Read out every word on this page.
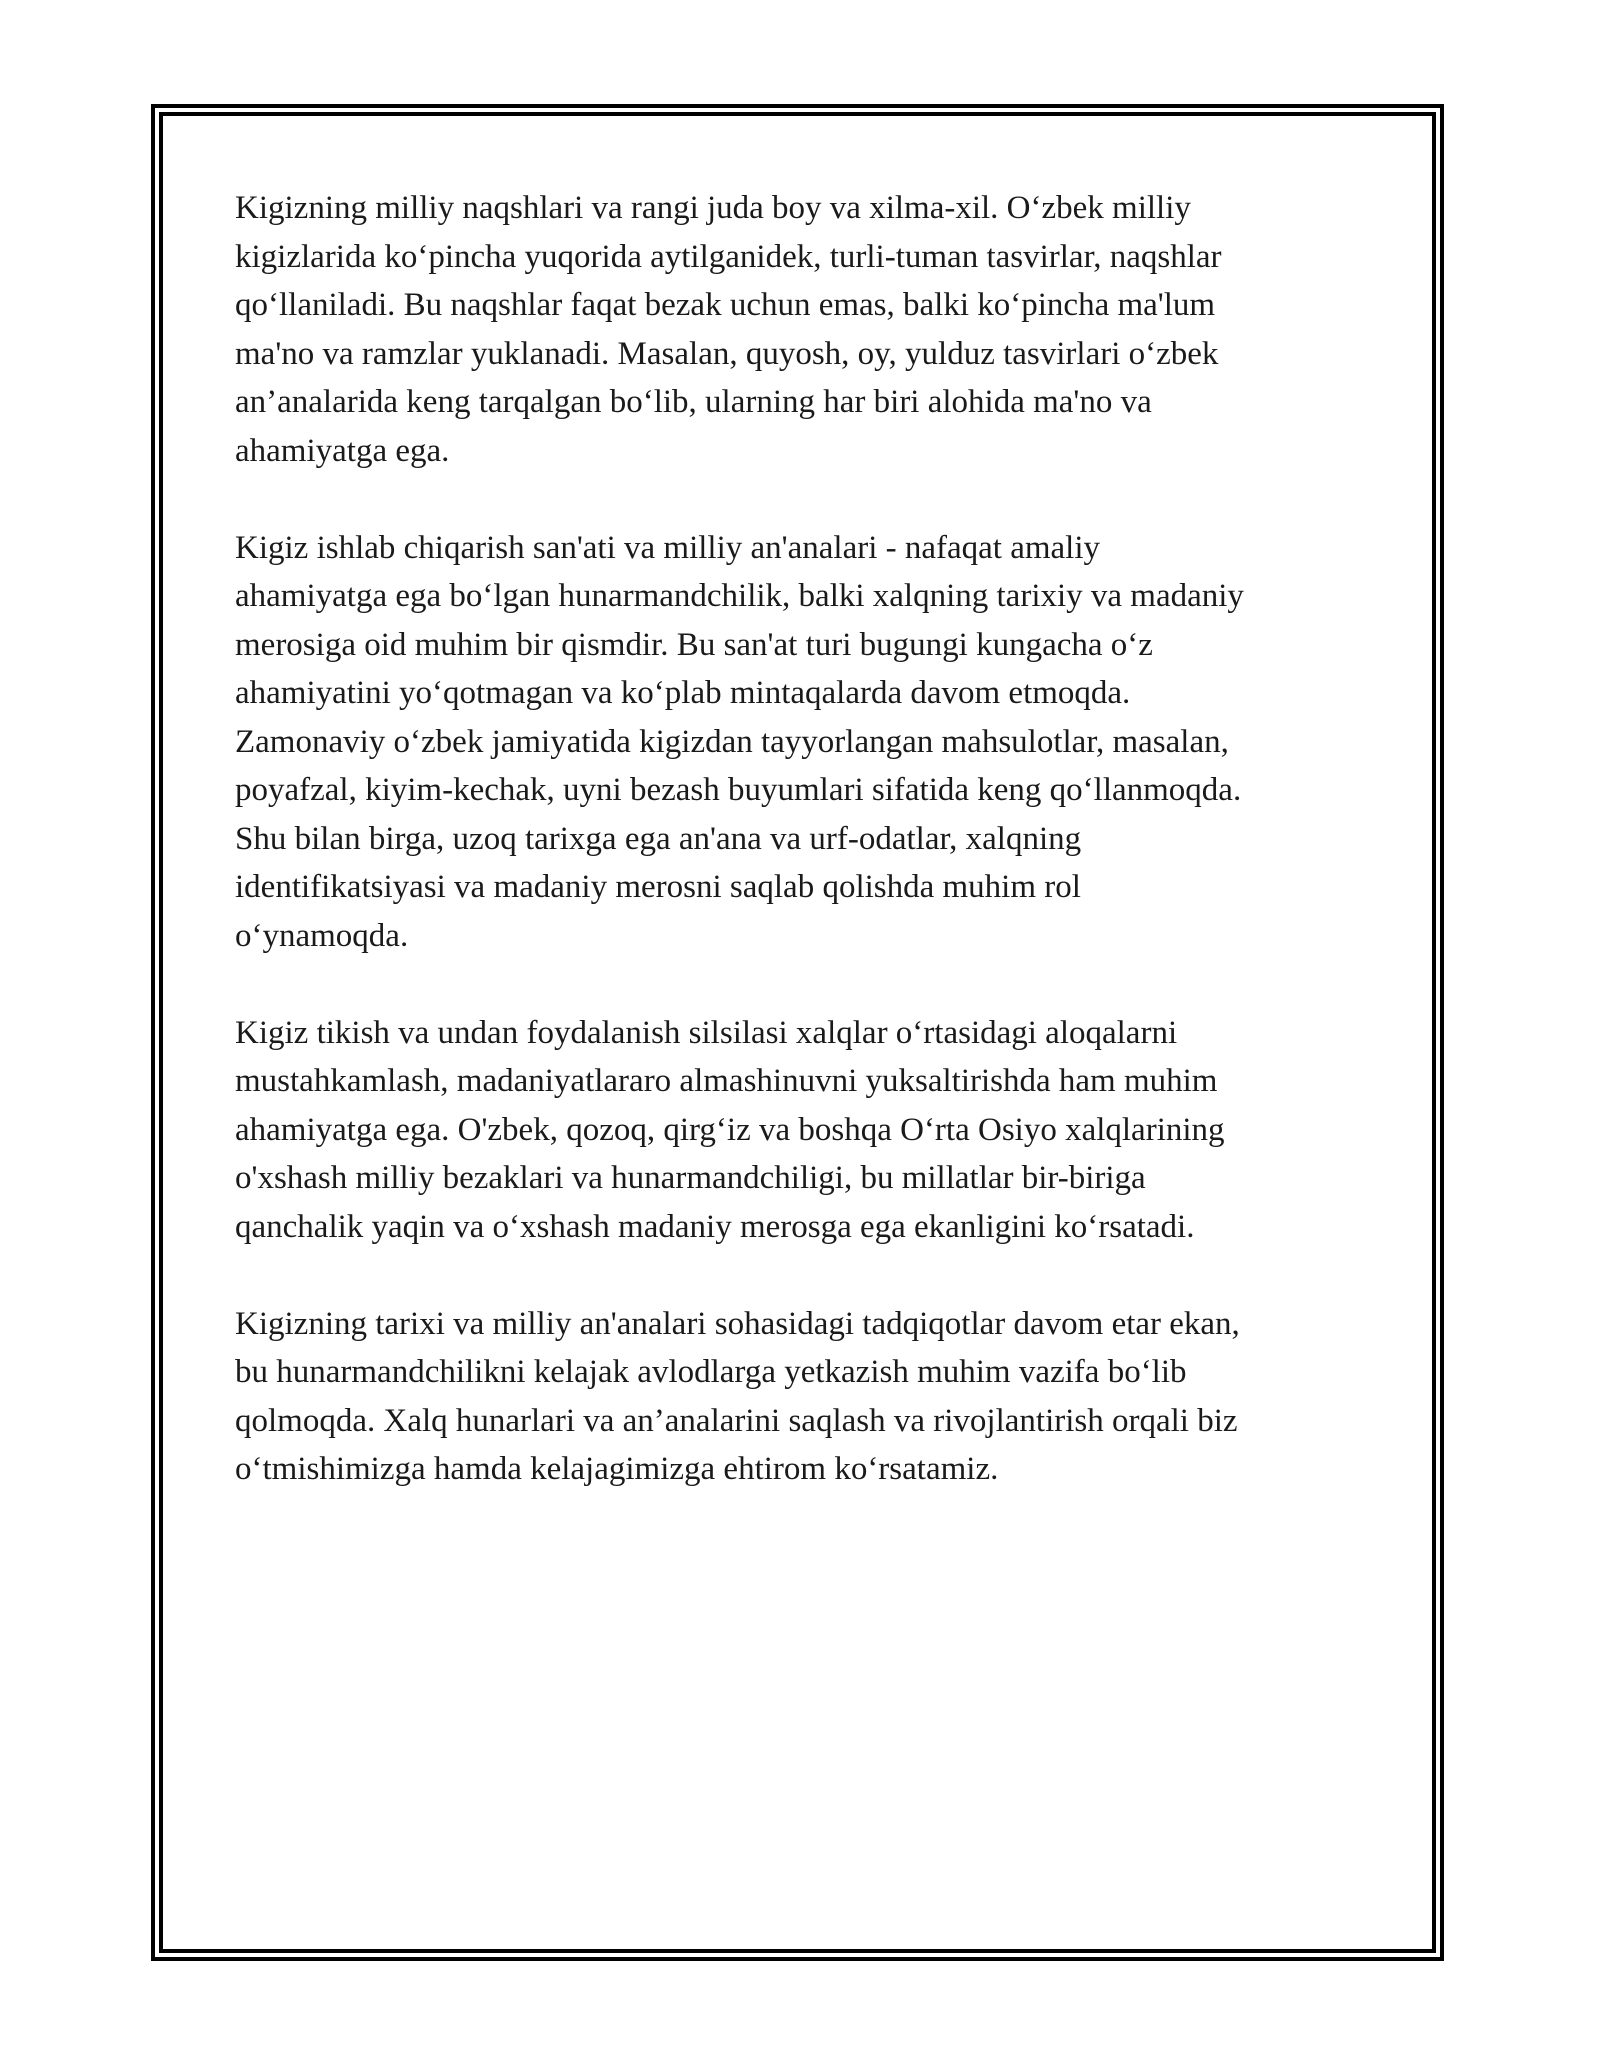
Kigizning milliy naqshlari va rangi juda boy va xilma-xil. O‘zbek milliy
kigizlarida ko‘pincha yuqorida aytilganidek, turli-tuman tasvirlar, naqshlar
qo‘llaniladi. Bu naqshlar faqat bezak uchun emas, balki ko‘pincha ma'lum
ma'no va ramzlar yuklanadi. Masalan, quyosh, oy, yulduz tasvirlari o‘zbek
an’analarida keng tarqalgan bo‘lib, ularning har biri alohida ma'no va
ahamiyatga ega.

Kigiz ishlab chiqarish san'ati va milliy an'analari - nafaqat amaliy
ahamiyatga ega bo‘lgan hunarmandchilik, balki xalqning tarixiy va madaniy
merosiga oid muhim bir qismdir. Bu san'at turi bugungi kungacha o‘z
ahamiyatini yo‘qotmagan va ko‘plab mintaqalarda davom etmoqda.
Zamonaviy o‘zbek jamiyatida kigizdan tayyorlangan mahsulotlar, masalan,
poyafzal, kiyim-kechak, uyni bezash buyumlari sifatida keng qo‘llanmoqda.
Shu bilan birga, uzoq tarixga ega an'ana va urf-odatlar, xalqning
identifikatsiyasi va madaniy merosni saqlab qolishda muhim rol
o‘ynamoqda.

Kigiz tikish va undan foydalanish silsilasi xalqlar o‘rtasidagi aloqalarni
mustahkamlash, madaniyatlararo almashinuvni yuksaltirishda ham muhim
ahamiyatga ega. O'zbek, qozoq, qirg‘iz va boshqa O‘rta Osiyo xalqlarining
o'xshash milliy bezaklari va hunarmandchiligi, bu millatlar bir-biriga
qanchalik yaqin va o‘xshash madaniy merosga ega ekanligini ko‘rsatadi.

Kigizning tarixi va milliy an'analari sohasidagi tadqiqotlar davom etar ekan,
bu hunarmandchilikni kelajak avlodlarga yetkazish muhim vazifa bo‘lib
qolmoqda. Xalq hunarlari va an’analarini saqlash va rivojlantirish orqali biz
o‘tmishimizga hamda kelajagimizga ehtirom ko‘rsatamiz.
